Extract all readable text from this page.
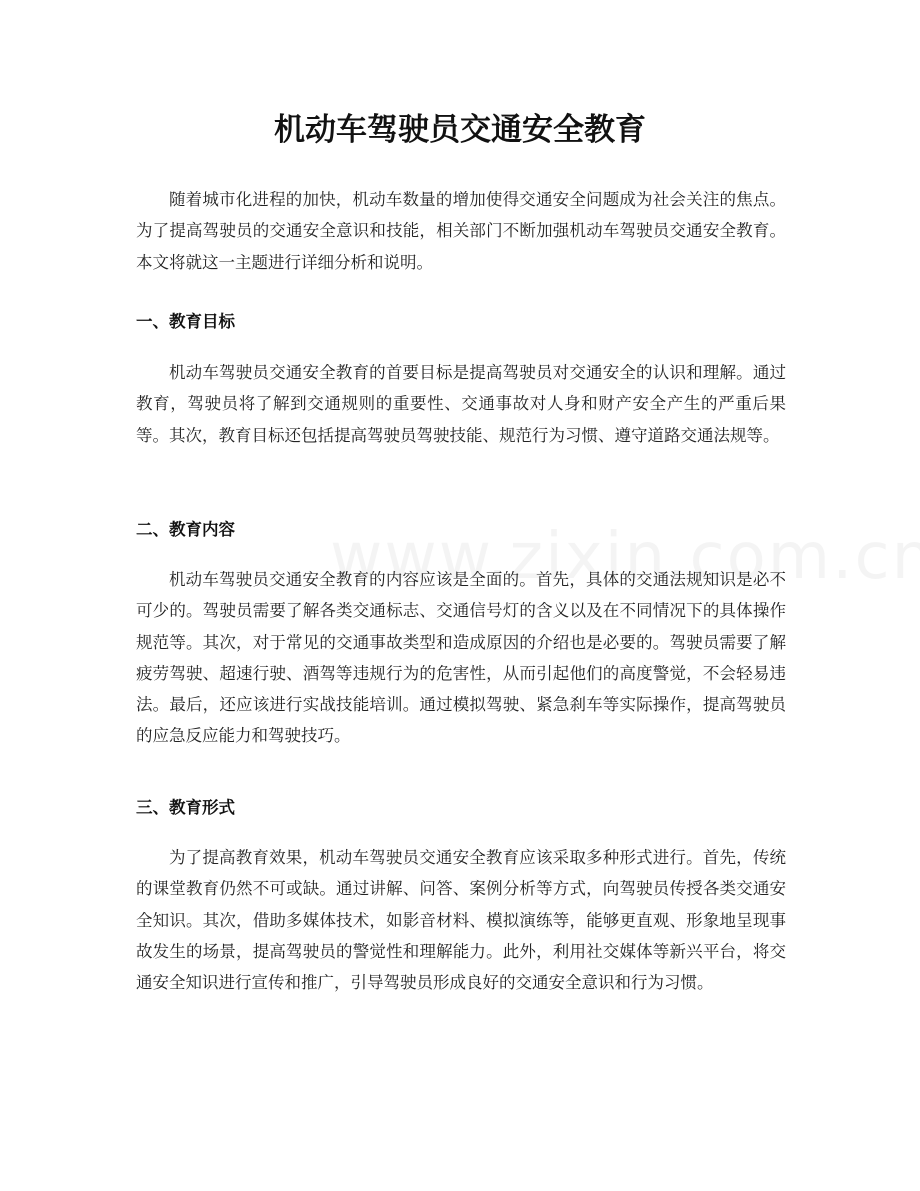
机动车驾驶员交通安全教育

随着城市化进程的加快，机动车数量的增加使得交通安全问题成为社会关注的焦点。为了提高驾驶员的交通安全意识和技能，相关部门不断加强机动车驾驶员交通安全教育。本文将就这一主题进行详细分析和说明。

一、教育目标

机动车驾驶员交通安全教育的首要目标是提高驾驶员对交通安全的认识和理解。通过教育，驾驶员将了解到交通规则的重要性、交通事故对人身和财产安全产生的严重后果等。其次，教育目标还包括提高驾驶员驾驶技能、规范行为习惯、遵守道路交通法规等。

二、教育内容

机动车驾驶员交通安全教育的内容应该是全面的。首先，具体的交通法规知识是必不可少的。驾驶员需要了解各类交通标志、交通信号灯的含义以及在不同情况下的具体操作规范等。其次，对于常见的交通事故类型和造成原因的介绍也是必要的。驾驶员需要了解疲劳驾驶、超速行驶、酒驾等违规行为的危害性，从而引起他们的高度警觉，不会轻易违法。最后，还应该进行实战技能培训。通过模拟驾驶、紧急刹车等实际操作，提高驾驶员的应急反应能力和驾驶技巧。

三、教育形式

为了提高教育效果，机动车驾驶员交通安全教育应该采取多种形式进行。首先，传统的课堂教育仍然不可或缺。通过讲解、问答、案例分析等方式，向驾驶员传授各类交通安全知识。其次，借助多媒体技术，如影音材料、模拟演练等，能够更直观、形象地呈现事故发生的场景，提高驾驶员的警觉性和理解能力。此外，利用社交媒体等新兴平台，将交通安全知识进行宣传和推广，引导驾驶员形成良好的交通安全意识和行为习惯。
